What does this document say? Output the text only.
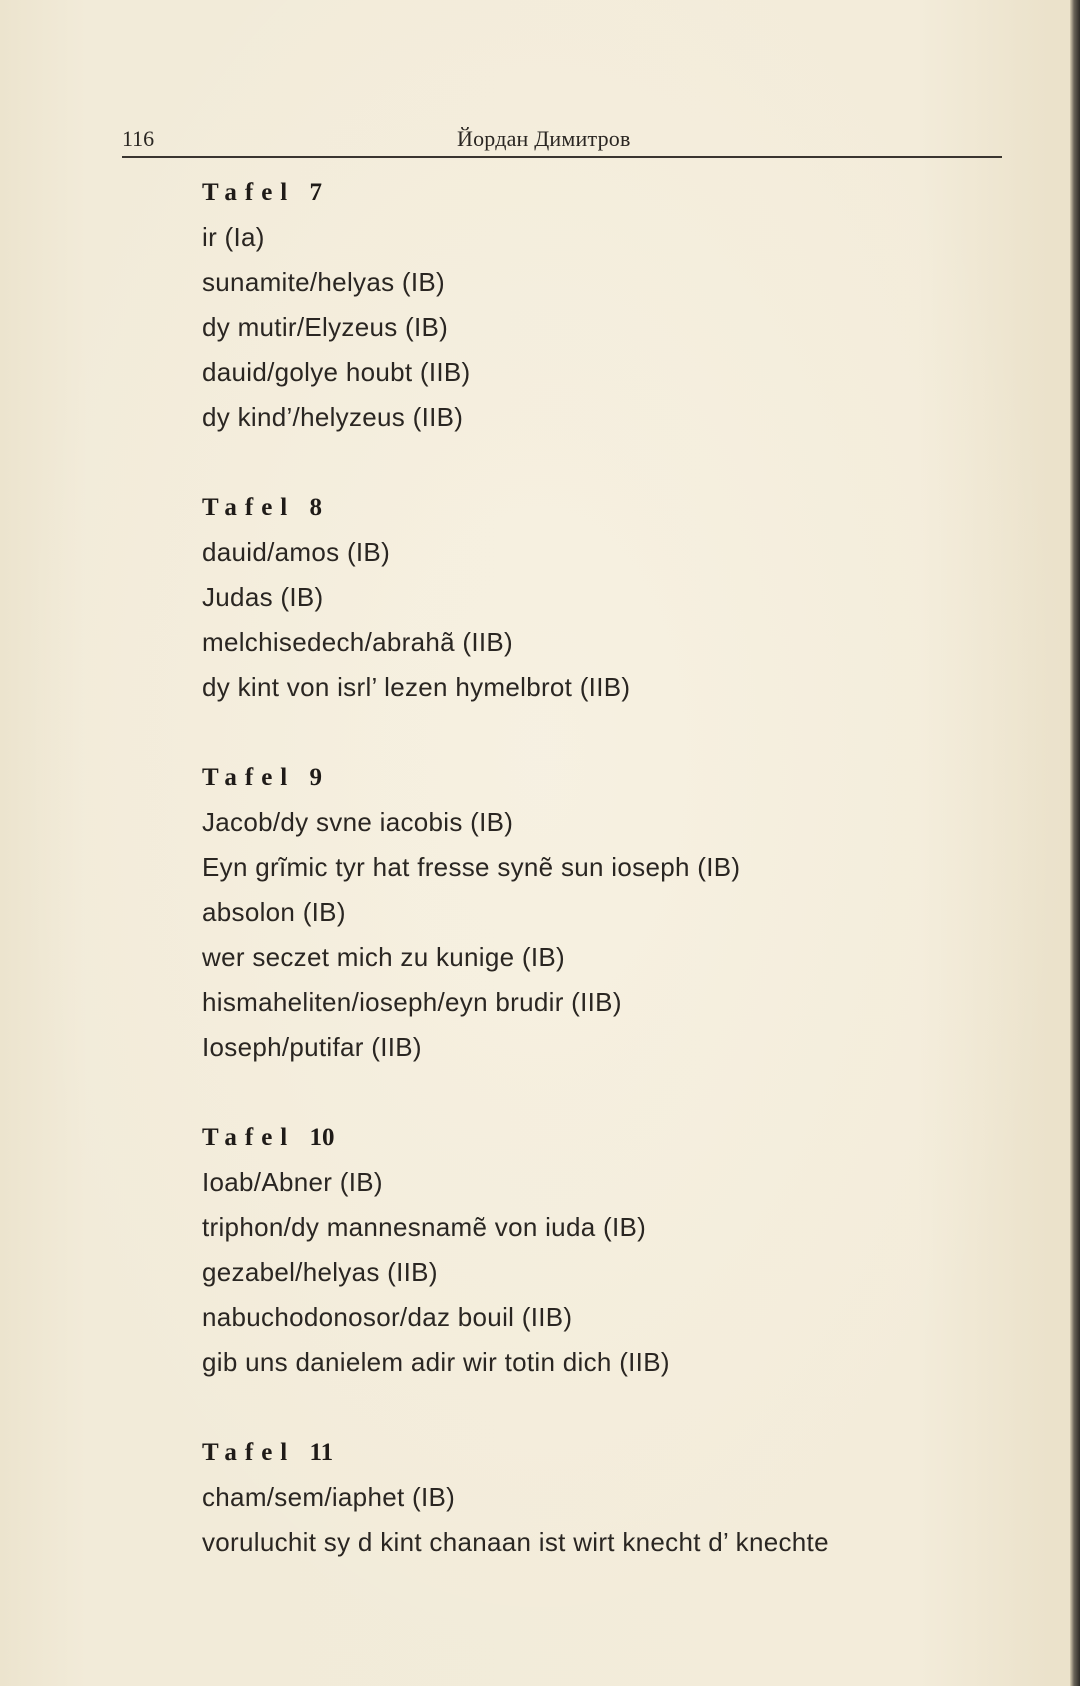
116	Йордан Димитров
Tafel 7
ir (Ia)
sunamite/helyas (IB)
dy mutir/Elyzeus (IB)
dauid/golye houbt (IIB)
dy kind’/helyzeus (IIB)
Tafel 8
dauid/amos (IB)
Judas (IB)
melchisedech/abrahã (IIB)
dy kint von isrl’ lezen hymelbrot (IIB)
Tafel 9
Jacob/dy svne iacobis (IB)
Eyn grĩmic tyr hat fresse synẽ sun ioseph (IB)
absolon (IB)
wer seczet mich zu kunige (IB)
hismaheliten/ioseph/eyn brudir (IIB)
Ioseph/putifar (IIB)
Tafel 10
Ioab/Abner (IB)
triphon/dy mannesnamẽ von iuda (IB)
gezabel/helyas (IIB)
nabuchodonosor/daz bouil (IIB)
gib uns danielem adir wir totin dich (IIB)
Tafel 11
cham/sem/iaphet (IB)
voruluchit sy d kint chanaan ist wirt knecht d’ knechte
